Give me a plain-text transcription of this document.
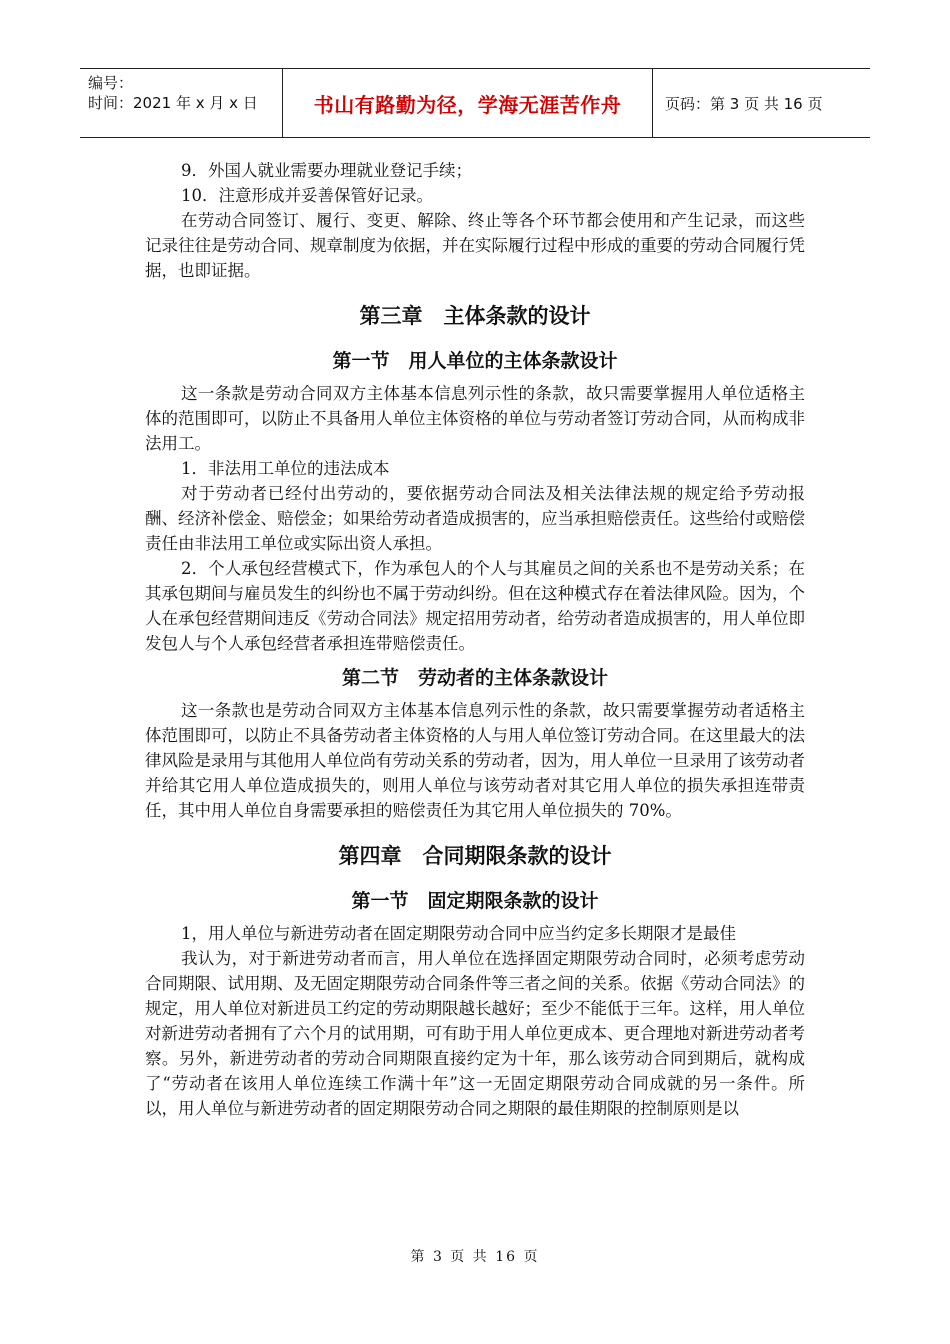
编号：
时间：2021 年 x 月 x 日	书山有路勤为径，学海无涯苦作舟	页码：第 3 页 共 16 页

9．外国人就业需要办理就业登记手续；

10．注意形成并妥善保管好记录。

在劳动合同签订、履行、变更、解除、终止等各个环节都会使用和产生记录，而这些记录往往是劳动合同、规章制度为依据，并在实际履行过程中形成的重要的劳动合同履行凭据，也即证据。

第三章　主体条款的设计
第一节　用人单位的主体条款设计

这一条款是劳动合同双方主体基本信息列示性的条款，故只需要掌握用人单位适格主体的范围即可，以防止不具备用人单位主体资格的单位与劳动者签订劳动合同，从而构成非法用工。

1．非法用工单位的违法成本

对于劳动者已经付出劳动的，要依据劳动合同法及相关法律法规的规定给予劳动报酬、经济补偿金、赔偿金；如果给劳动者造成损害的，应当承担赔偿责任。这些给付或赔偿责任由非法用工单位或实际出资人承担。

2．个人承包经营模式下，作为承包人的个人与其雇员之间的关系也不是劳动关系；在其承包期间与雇员发生的纠纷也不属于劳动纠纷。但在这种模式存在着法律风险。因为，个人在承包经营期间违反《劳动合同法》规定招用劳动者，给劳动者造成损害的，用人单位即发包人与个人承包经营者承担连带赔偿责任。

第二节　劳动者的主体条款设计

这一条款也是劳动合同双方主体基本信息列示性的条款，故只需要掌握劳动者适格主体范围即可，以防止不具备劳动者主体资格的人与用人单位签订劳动合同。在这里最大的法律风险是录用与其他用人单位尚有劳动关系的劳动者，因为，用人单位一旦录用了该劳动者并给其它用人单位造成损失的，则用人单位与该劳动者对其它用人单位的损失承担连带责任，其中用人单位自身需要承担的赔偿责任为其它用人单位损失的 70%。

第四章　合同期限条款的设计
第一节　固定期限条款的设计

1，用人单位与新进劳动者在固定期限劳动合同中应当约定多长期限才是最佳

我认为，对于新进劳动者而言，用人单位在选择固定期限劳动合同时，必须考虑劳动合同期限、试用期、及无固定期限劳动合同条件等三者之间的关系。依据《劳动合同法》的规定，用人单位对新进员工约定的劳动期限越长越好；至少不能低于三年。这样，用人单位对新进劳动者拥有了六个月的试用期，可有助于用人单位更成本、更合理地对新进劳动者考察。另外，新进劳动者的劳动合同期限直接约定为十年，那么该劳动合同到期后，就构成了“劳动者在该用人单位连续工作满十年”这一无固定期限劳动合同成就的另一条件。所以，用人单位与新进劳动者的固定期限劳动合同之期限的最佳期限的控制原则是以

第 3 页 共 16 页
